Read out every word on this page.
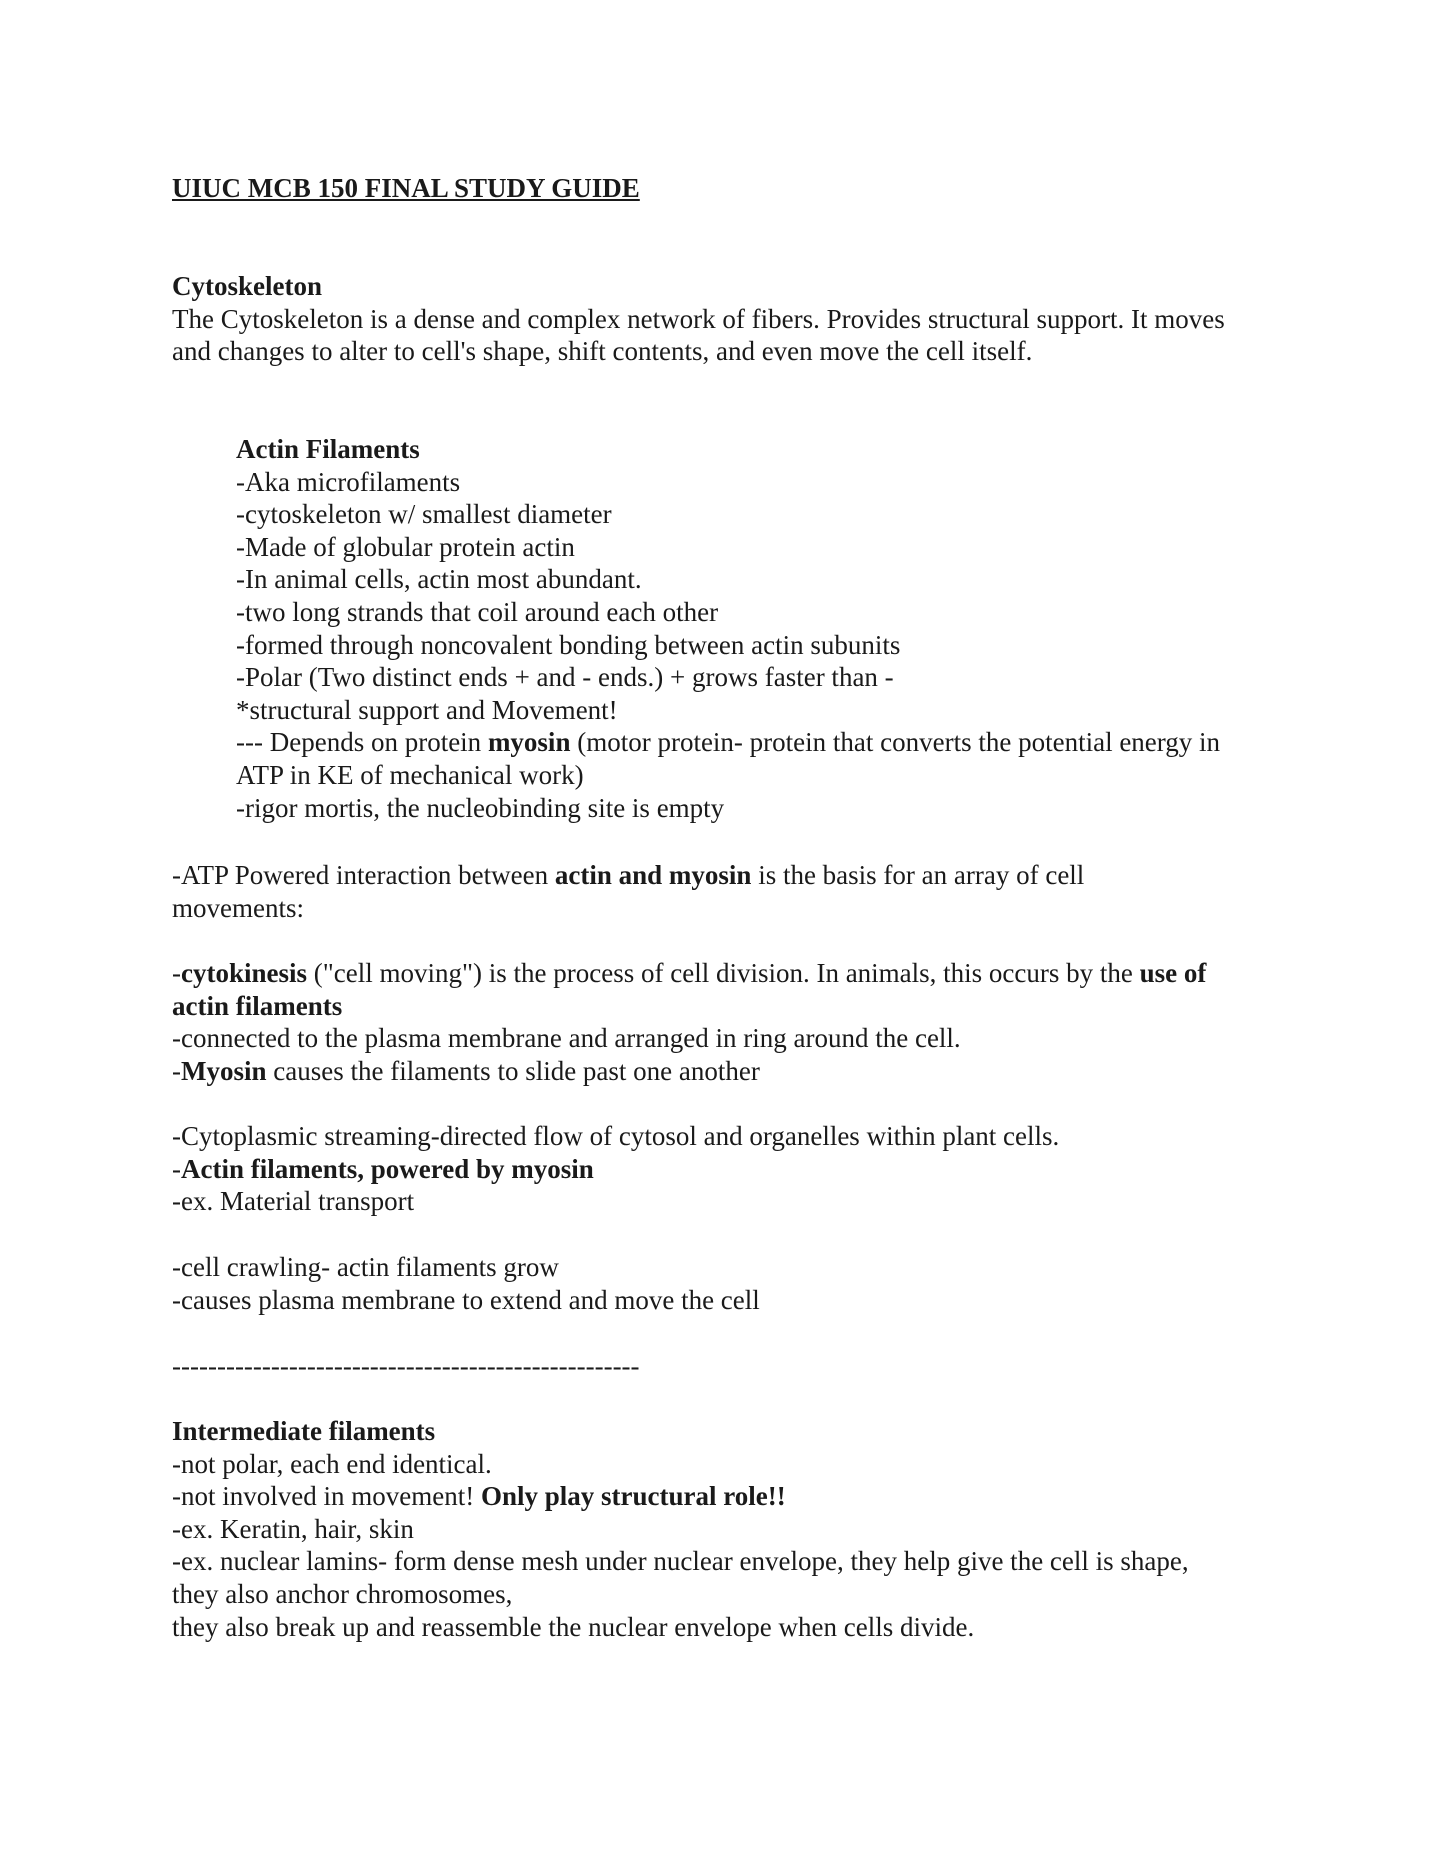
UIUC MCB 150 FINAL STUDY GUIDE
Cytoskeleton
The Cytoskeleton is a dense and complex network of fibers. Provides structural support. It moves
and changes to alter to cell's shape, shift contents, and even move the cell itself.
Actin Filaments
-Aka microfilaments
-cytoskeleton w/ smallest diameter
-Made of globular protein actin
-In animal cells, actin most abundant.
-two long strands that coil around each other
-formed through noncovalent bonding between actin subunits
-Polar (Two distinct ends + and - ends.) + grows faster than -
*structural support and Movement!
--- Depends on protein myosin (motor protein- protein that converts the potential energy in
ATP in KE of mechanical work)
-rigor mortis, the nucleobinding site is empty
-ATP Powered interaction between actin and myosin is the basis for an array of cell
movements:
-cytokinesis ("cell moving") is the process of cell division. In animals, this occurs by the use of
actin filaments
-connected to the plasma membrane and arranged in ring around the cell.
-Myosin causes the filaments to slide past one another
-Cytoplasmic streaming-directed flow of cytosol and organelles within plant cells.
-Actin filaments, powered by myosin
-ex. Material transport
-cell crawling- actin filaments grow
-causes plasma membrane to extend and move the cell
----------------------------------------------------
Intermediate filaments
-not polar, each end identical.
-not involved in movement! Only play structural role!!
-ex. Keratin, hair, skin
-ex. nuclear lamins- form dense mesh under nuclear envelope, they help give the cell is shape,
they also anchor chromosomes,
they also break up and reassemble the nuclear envelope when cells divide.
